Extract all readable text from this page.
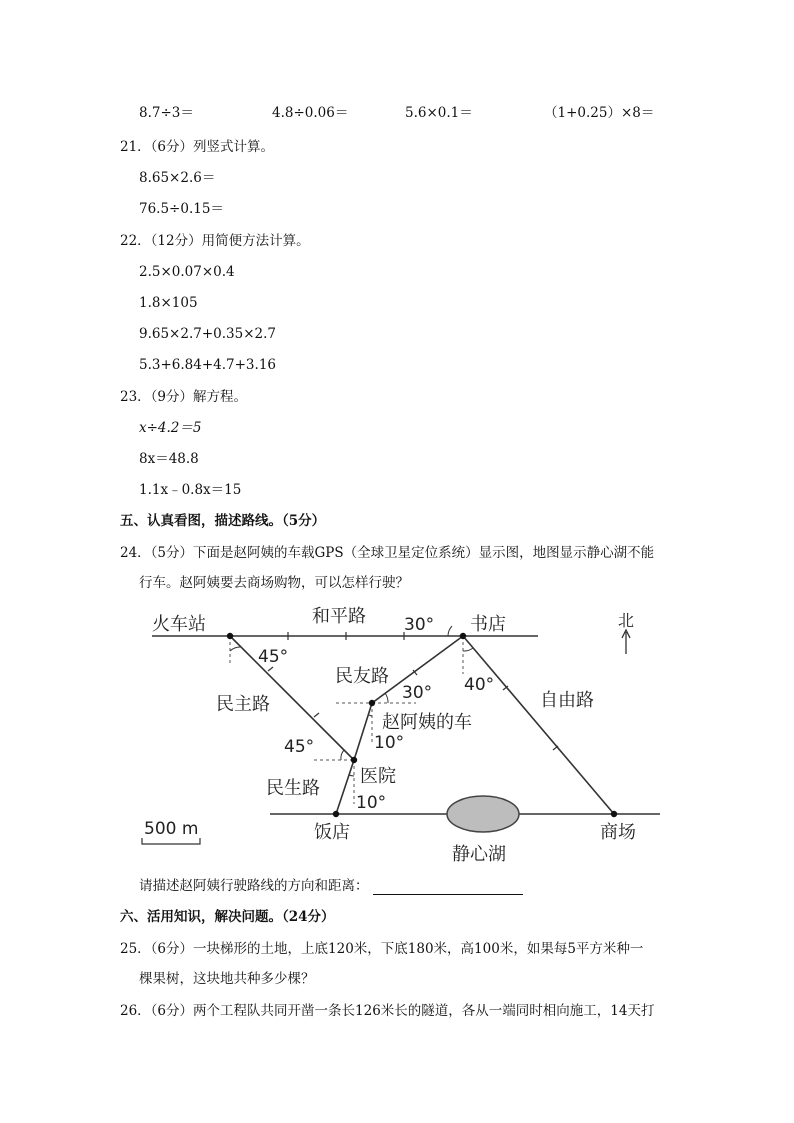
8.7÷3＝	4.8÷0.06＝	5.6×0.1＝	（1+0.25）×8＝
21．（6分）列竖式计算。
8.65×2.6＝
76.5÷0.15＝
22．（12分）用简便方法计算。
2.5×0.07×0.4
1.8×105
9.65×2.7+0.35×2.7
5.3+6.84+4.7+3.16
23．（9分）解方程。
x÷4.2＝5
8x＝48.8
1.1x﹣0.8x＝15
五、认真看图，描述路线。（5分）
24．（5分）下面是赵阿姨的车载GPS（全球卫星定位系统）显示图，地图显示静心湖不能
行车。赵阿姨要去商场购物，可以怎样行驶？
火车站	和平路	书店	北
民主路
民友路
自由路
赵阿姨的车
医院
民生路
饭店
静心湖
商场
500 m
45°
30°
40°
30°
10°
45°
10°
请描述赵阿姨行驶路线的方向和距离：
六、活用知识，解决问题。（24分）
25．（6分）一块梯形的土地，上底120米，下底180米，高100米，如果每5平方米种一
棵果树，这块地共种多少棵？
26．（6分）两个工程队共同开凿一条长126米长的隧道，各从一端同时相向施工，14天打
